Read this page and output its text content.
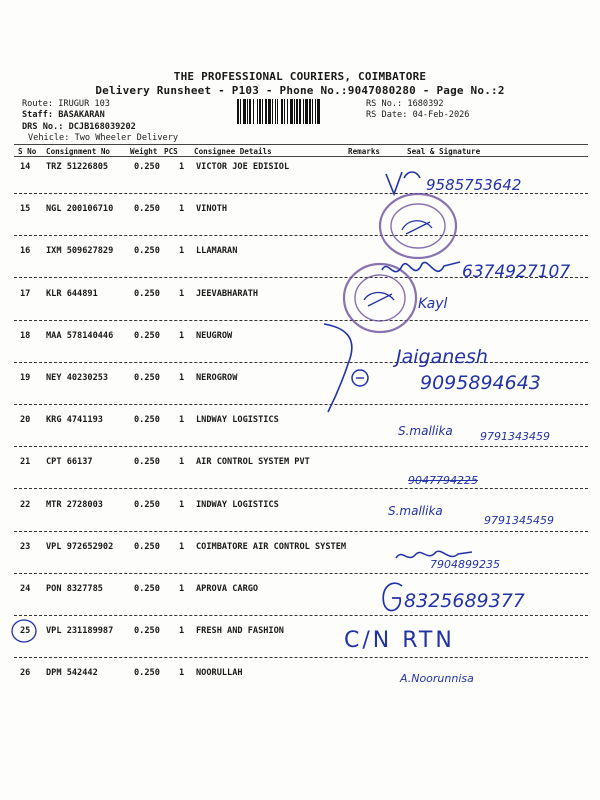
THE PROFESSIONAL COURIERS, COIMBATORE
Delivery Runsheet - P103 - Phone No.:9047080280 - Page No.:2
Route: IRUGUR 103
Staff: BASAKARAN
DRS No.: DCJB168039202
Vehicle: Two Wheeler Delivery
RS No.: 1680392
RS Date: 04-Feb-2026
S No Consignment No	Weight PCS Consignee Details	Remarks	Seal & Signature
14 TRZ 51226805	0.250 1 VICTOR JOE EDISIOL
15 NGL 200106710 0.250 1 VINOTH
16 IXM 509627829 0.250 1 LLAMARAN
17 KLR 644891	0.250 1 JEEVABHARATH
18 MAA 578140446 0.250 1 NEUGROW
19 NEY 40230253	0.250 1 NEROGROW
20 KRG 4741193	0.250 1 LNDWAY LOGISTICS
21 CPT 66137	0.250 1 AIR CONTROL SYSTEM PVT
22 MTR 2728003	0.250 1 INDWAY LOGISTICS
23 VPL 972652902 0.250 1 COIMBATORE AIR CONTROL SYSTEM
24 PON 8327785	0.250 1 APROVA CARGO
25 VPL 231189987 0.250 1 FRESH AND FASHION
26 DPM 542442	0.250 1 NOORULLAH
9585753642
6374927107
Kayl
Jaiganesh
9095894643
S.mallika 9791343459
9047794225
S.mallika
9791345459
7904899235
8325689377
C/N RTN
A.Noorunnisa
